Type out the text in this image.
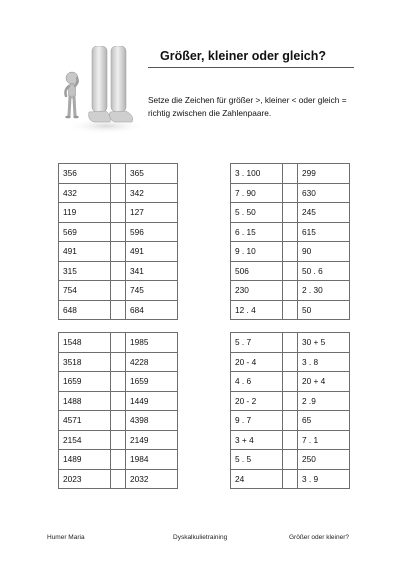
Größer, kleiner oder gleich?
Setze die Zeichen für größer >, kleiner < oder gleich = richtig zwischen die Zahlenpaare.
356		365
432		342
119		127
569		596
491		491
315		341
754		745
648		684
3 . 100		299
7 . 90		630
5 . 50		245
6 . 15		615
9 . 10		90
506		50 . 6
230		2 . 30
12 . 4		50
1548		1985
3518		4228
1659		1659
1488		1449
4571		4398
2154		2149
1489		1984
2023		2032
5 . 7		30 + 5
20 - 4		3 . 8
4 . 6		20 + 4
20 - 2		2 .9
9 . 7		65
3 + 4		7 . 1
5 . 5		250
24		3 . 9
Humer Maria	Dyskalkulietraining	Größer oder kleiner?
